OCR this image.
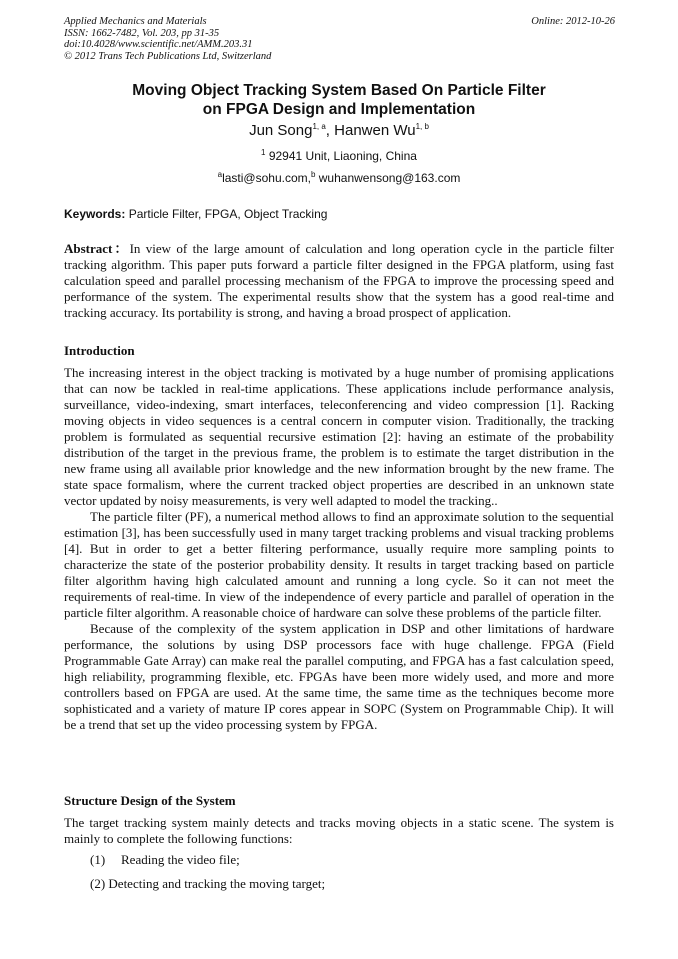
Applied Mechanics and Materials
ISSN: 1662-7482, Vol. 203, pp 31-35
doi:10.4028/www.scientific.net/AMM.203.31
© 2012 Trans Tech Publications Ltd, Switzerland
Online: 2012-10-26
Moving Object Tracking System Based On Particle Filter
on FPGA Design and Implementation
Jun Song$^{1, a}$, Hanwen Wu$^{1, b}$
$^1$ 92941 Unit, Liaoning, China
$^a$lasti@sohu.com,$^b$ wuhanwensong@163.com
Keywords: Particle Filter, FPGA, Object Tracking

Abstract：In view of the large amount of calculation and long operation cycle in the particle filter tracking algorithm. This paper puts forward a particle filter designed in the FPGA platform, using fast calculation speed and parallel processing mechanism of the FPGA to improve the processing speed and performance of the system. The experimental results show that the system has a good real-time and tracking accuracy. Its portability is strong, and having a broad prospect of application.

Introduction

The increasing interest in the object tracking is motivated by a huge number of promising applications that can now be tackled in real-time applications. These applications include performance analysis, surveillance, video-indexing, smart interfaces, teleconferencing and video compression [1]. Racking moving objects in video sequences is a central concern in computer vision. Traditionally, the tracking problem is formulated as sequential recursive estimation [2]: having an estimate of the probability distribution of the target in the previous frame, the problem is to estimate the target distribution in the new frame using all available prior knowledge and the new information brought by the new frame. The state space formalism, where the current tracked object properties are described in an unknown state vector updated by noisy measurements, is very well adapted to model the tracking..

The particle filter (PF), a numerical method allows to find an approximate solution to the sequential estimation [3], has been successfully used in many target tracking problems and visual tracking problems [4]. But in order to get a better filtering performance, usually require more sampling points to characterize the state of the posterior probability density. It results in target tracking based on particle filter algorithm having high calculated amount and running a long cycle. So it can not meet the requirements of real-time. In view of the independence of every particle and parallel of operation in the particle filter algorithm. A reasonable choice of hardware can solve these problems of the particle filter.

Because of the complexity of the system application in DSP and other limitations of hardware performance, the solutions by using DSP processors face with huge challenge. FPGA (Field Programmable Gate Array) can make real the parallel computing, and FPGA has a fast calculation speed, high reliability, programming flexible, etc. FPGAs have been more widely used, and more and more controllers based on FPGA are used. At the same time, the same time as the techniques become more sophisticated and a variety of mature IP cores appear in SOPC (System on Programmable Chip). It will be a trend that set up the video processing system by FPGA.

Structure Design of the System

The target tracking system mainly detects and tracks moving objects in a static scene. The system is mainly to complete the following functions:

(1) Reading the video file;
(2) Detecting and tracking the moving target;
